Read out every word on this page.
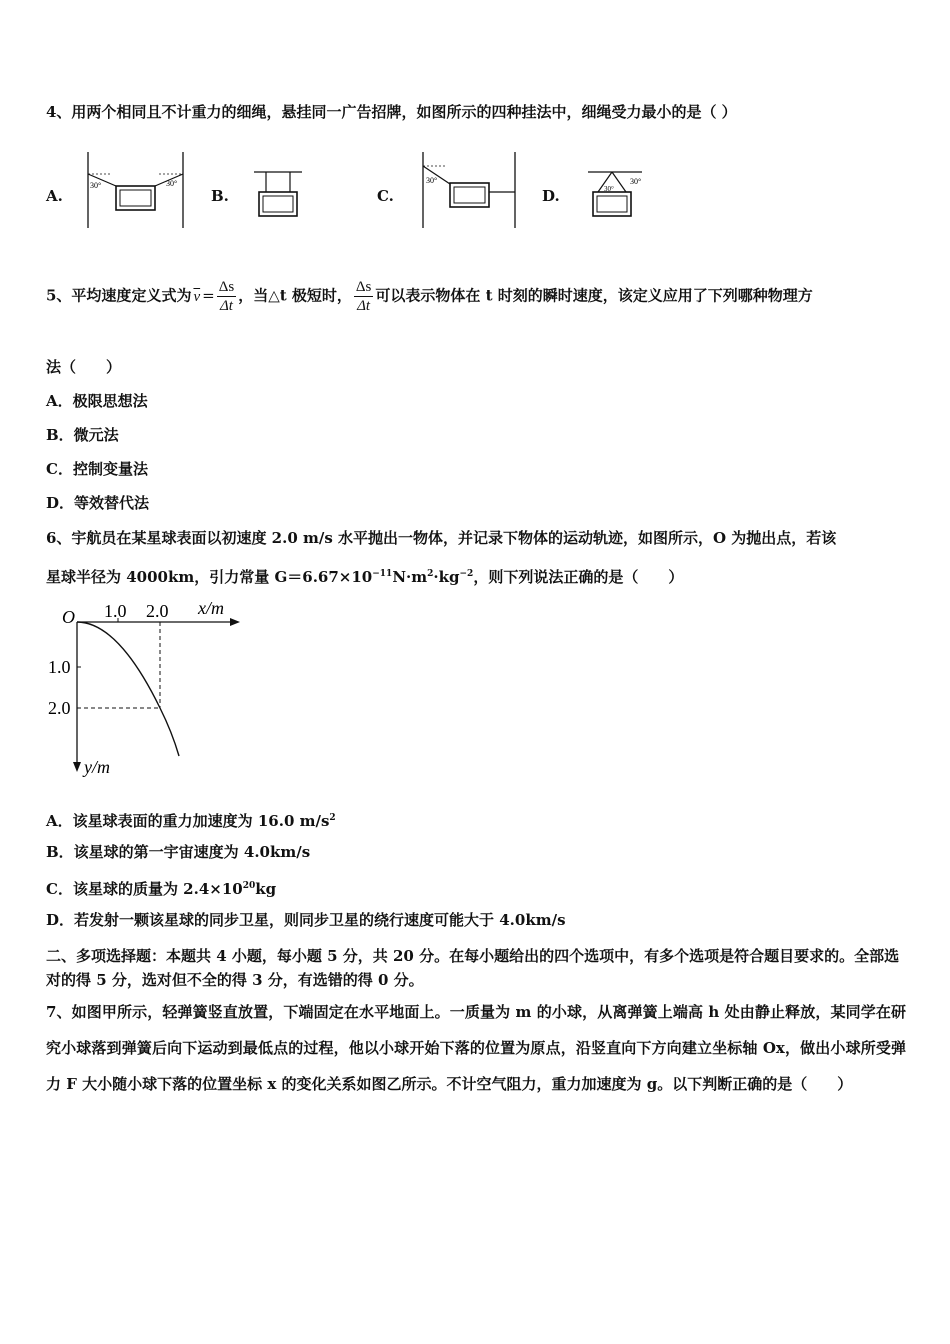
4、用两个相同且不计重力的细绳，悬挂同一广告招牌，如图所示的四种挂法中，细绳受力最小的是（ ）
A.
30°	30°
B.	C.
30°
D.	30°
30°
5、平均速度定义式为 $\overline{v} = \frac{\Delta s}{\Delta t}$ ，当△t 极短时， $\frac{\Delta s}{\Delta t}$ 可以表示物体在 t 时刻的瞬时速度，该定义应用了下列哪种物理方
法（　　）
A．极限思想法
B．微元法
C．控制变量法
D．等效替代法
6、宇航员在某星球表面以初速度 2.0 m/s 水平抛出一物体，并记录下物体的运动轨迹，如图所示，O 为抛出点，若该
星球半径为 4000km，引力常量 $G=6.67\times 10^{-11}N\cdot m^2\cdot kg^{-2}$，则下列说法正确的是（　　）
O 1.0 2.0 x/m
1.0
2.0
y/m
A．该星球表面的重力加速度为 16.0 $m/s^2$
B．该星球的第一宇宙速度为 4.0km/s
C．该星球的质量为 $2.4\times 10^{20}kg$
D．若发射一颗该星球的同步卫星，则同步卫星的绕行速度可能大于 4.0km/s
二、多项选择题：本题共 4 小题，每小题 5 分，共 20 分。在每小题给出的四个选项中，有多个选项是符合题目要求的。全部选对的得 5 分，选对但不全的得 3 分，有选错的得 0 分。
7、如图甲所示，轻弹簧竖直放置，下端固定在水平地面上。一质量为 m 的小球，从离弹簧上端高 h 处由静止释放，某同学在研究小球落到弹簧后向下运动到最低点的过程，他以小球开始下落的位置为原点，沿竖直向下方向建立坐标轴 Ox，做出小球所受弹力 F 大小随小球下落的位置坐标 x 的变化关系如图乙所示。不计空气阻力，重力加速度为 g。以下判断正确的是（　　）
